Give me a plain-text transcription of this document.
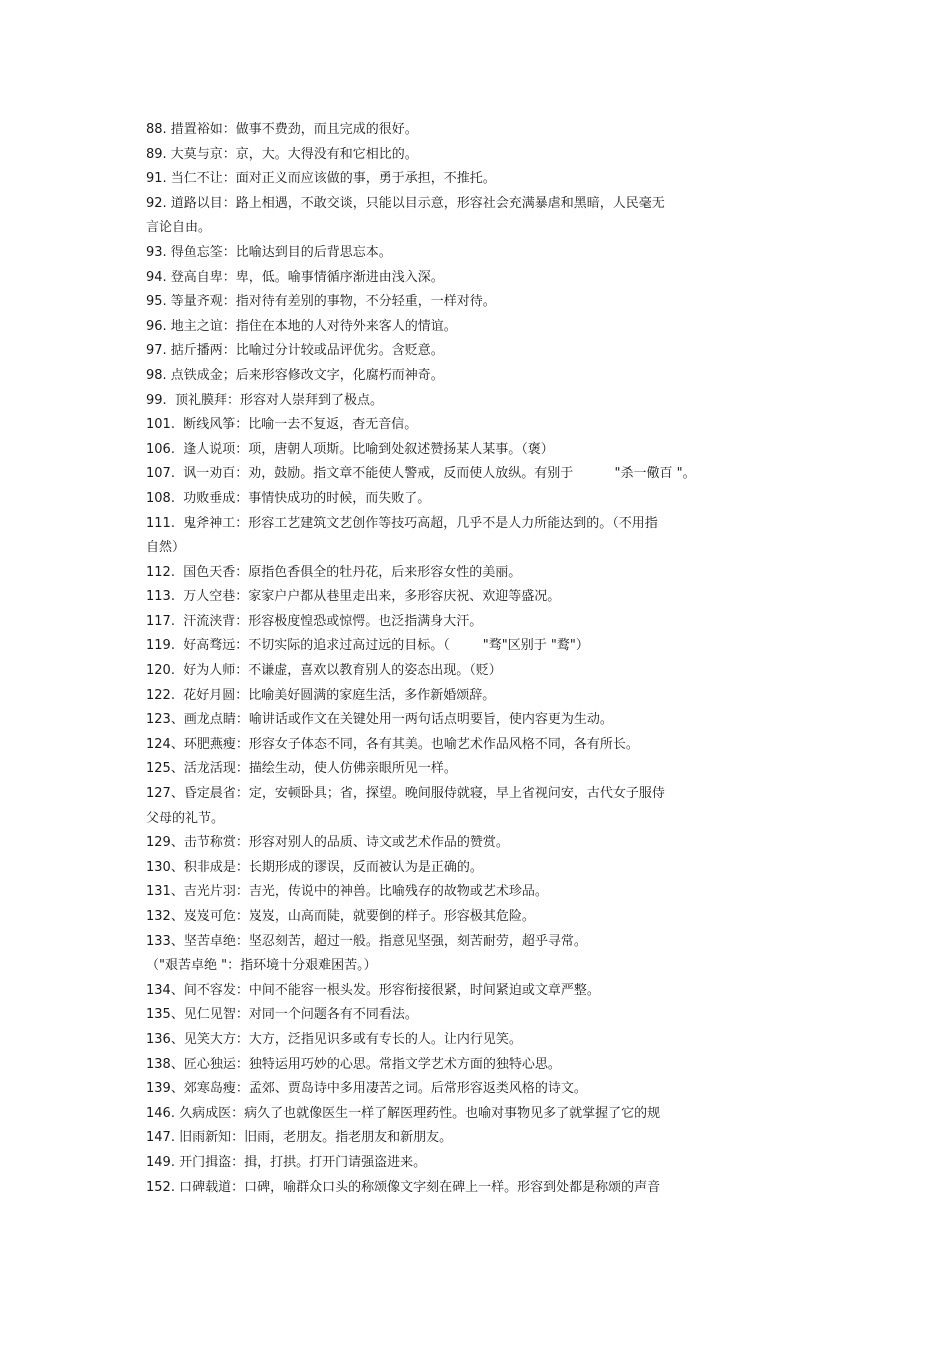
88. 措置裕如：做事不费劲，而且完成的很好。
89. 大莫与京：京，大。大得没有和它相比的。
91. 当仁不让：面对正义而应该做的事，勇于承担，不推托。
92. 道路以目：路上相遇，不敢交谈，只能以目示意，形容社会充满暴虐和黑暗，人民毫无
言论自由。
93. 得鱼忘筌：比喻达到目的后背思忘本。
94. 登高自卑：卑，低。喻事情循序渐进由浅入深。
95. 等量齐观：指对待有差别的事物，不分轻重，一样对待。
96. 地主之谊：指住在本地的人对待外来客人的情谊。
97. 掂斤播两：比喻过分计较或品评优劣。含贬意。
98. 点铁成金；后来形容修改文字，化腐朽而神奇。
99.  顶礼膜拜：形容对人崇拜到了极点。
101.  断线风筝：比喻一去不复返，杳无音信。
106.  逢人说项：项，唐朝人项斯。比喻到处叙述赞扬某人某事。（褒）
107.  讽一劝百：劝，鼓励。指文章不能使人警戒，反而使人放纵。有别于          "杀一儆百 "。
108.  功败垂成：事情快成功的时候，而失败了。
111.  鬼斧神工：形容工艺建筑文艺创作等技巧高超，几乎不是人力所能达到的。（不用指
自然）
112.  国色天香：原指色香俱全的牡丹花，后来形容女性的美丽。
113.  万人空巷：家家户户都从巷里走出来，多形容庆祝、欢迎等盛况。
117.  汗流浃背：形容极度惶恐或惊愕。也泛指满身大汗。
119.  好高骛远：不切实际的追求过高过远的目标。（        "骛"区别于 "鹜"）
120.  好为人师：不谦虚，喜欢以教育别人的姿态出现。（贬）
122.  花好月圆：比喻美好圆满的家庭生活，多作新婚颂辞。
123、画龙点睛：喻讲话或作文在关键处用一两句话点明要旨，使内容更为生动。
124、环肥燕瘦：形容女子体态不同，各有其美。也喻艺术作品风格不同，各有所长。
125、活龙活现：描绘生动，使人仿佛亲眼所见一样。
127、昏定晨省：定，安顿卧具；省，探望。晚间服侍就寝，早上省视问安，古代女子服侍
父母的礼节。
129、击节称赏：形容对别人的品质、诗文或艺术作品的赞赏。
130、积非成是：长期形成的谬误，反而被认为是正确的。
131、吉光片羽：吉光，传说中的神兽。比喻残存的故物或艺术珍品。
132、岌岌可危：岌岌，山高而陡，就要倒的样子。形容极其危险。
133、坚苦卓绝：坚忍刻苦，超过一般。指意见坚强，刻苦耐劳，超乎寻常。
（"艰苦卓绝 "：指环境十分艰难困苦。）
134、间不容发：中间不能容一根头发。形容衔接很紧，时间紧迫或文章严整。
135、见仁见智：对同一个问题各有不同看法。
136、见笑大方：大方，泛指见识多或有专长的人。让内行见笑。
138、匠心独运：独特运用巧妙的心思。常指文学艺术方面的独特心思。
139、郊寒岛瘦：孟郊、贾岛诗中多用凄苦之词。后常形容返类风格的诗文。
146. 久病成医：病久了也就像医生一样了解医理药性。也喻对事物见多了就掌握了它的规
147. 旧雨新知：旧雨，老朋友。指老朋友和新朋友。
149. 开门揖盗：揖，打拱。打开门请强盗进来。
152. 口碑载道：口碑，喻群众口头的称颂像文字刻在碑上一样。形容到处都是称颂的声音
